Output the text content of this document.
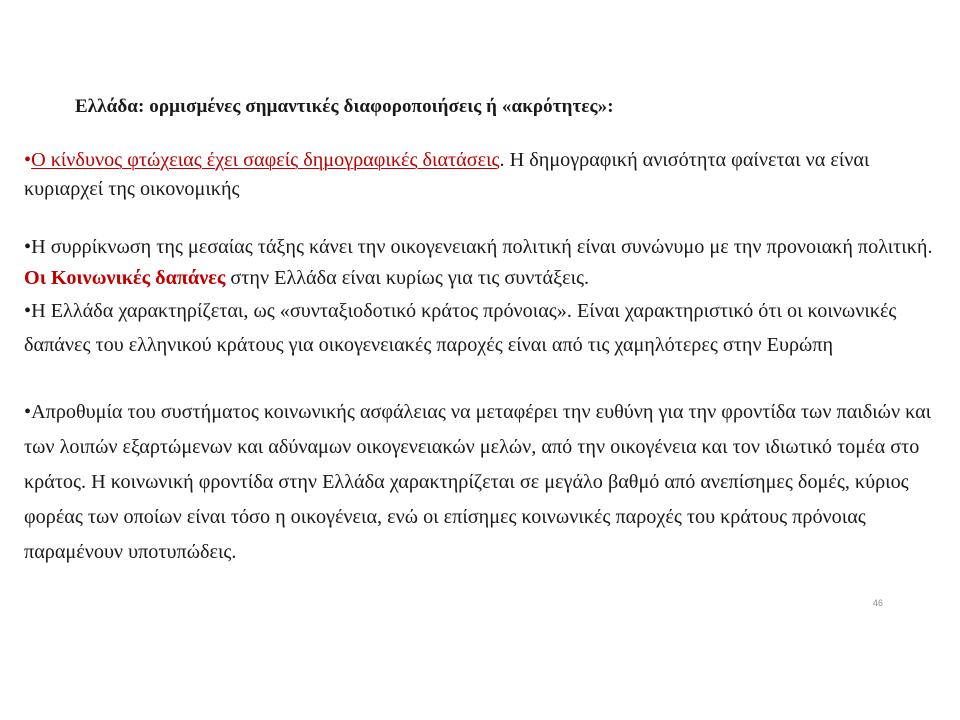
Ελλάδα: ορμισμένες σημαντικές διαφοροποιήσεις ή «ακρότητες»:

•Ο κίνδυνος φτώχειας έχει σαφείς δημογραφικές διατάσεις. Η δημογραφική ανισότητα φαίνεται να είναι κυριαρχεί της οικονομικής

•Η συρρίκνωση της μεσαίας τάξης κάνει την οικογενειακή πολιτική είναι συνώνυμο με την προνοιακή πολιτική. Οι Κοινωνικές δαπάνες στην Ελλάδα είναι κυρίως για τις συντάξεις.

•Η Ελλάδα χαρακτηρίζεται, ως «συνταξιοδοτικό κράτος πρόνοιας». Είναι χαρακτηριστικό ότι οι κοινωνικές δαπάνες του ελληνικού κράτους για οικογενειακές παροχές είναι από τις χαμηλότερες στην Ευρώπη

•Απροθυμία του συστήματος κοινωνικής ασφάλειας να μεταφέρει την ευθύνη για την φροντίδα των παιδιών και των λοιπών εξαρτώμενων και αδύναμων οικογενειακών μελών, από την οικογένεια και τον ιδιωτικό τομέα στο κράτος. Η κοινωνική φροντίδα στην Ελλάδα χαρακτηρίζεται σε μεγάλο βαθμό από ανεπίσημες δομές, κύριος φορέας των οποίων είναι τόσο η οικογένεια, ενώ οι επίσημες κοινωνικές παροχές του κράτους πρόνοιας παραμένουν υποτυπώδεις.

46
